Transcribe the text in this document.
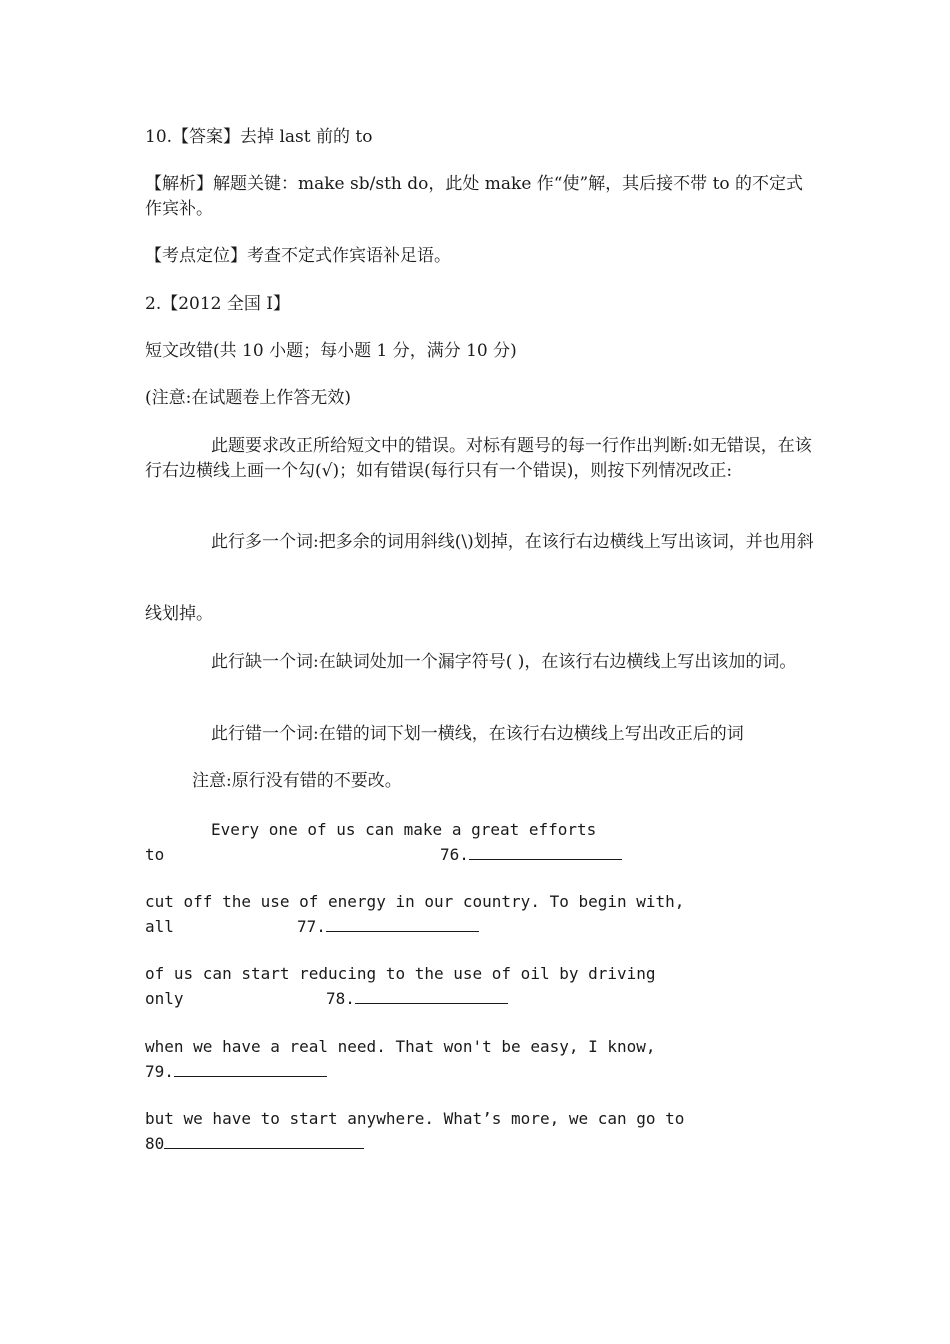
10.【答案】去掉 last 前的 to
【解析】解题关键：make sb/sth do，此处 make 作“使”解，其后接不带 to 的不定式作宾补。
【考点定位】考查不定式作宾语补足语。
2.【2012 全国 I】
短文改错(共 10 小题；每小题 1 分，满分 10 分)
(注意:在试题卷上作答无效)
此题要求改正所给短文中的错误。对标有题号的每一行作出判断:如无错误，在该行右边横线上画一个勾(√)；如有错误(每行只有一个错误)，则按下列情况改正:
此行多一个词:把多余的词用斜线(\)划掉，在该行右边横线上写出该词，并也用斜
线划掉。
此行缺一个词:在缺词处加一个漏字符号( )，在该行右边横线上写出该加的词。
此行错一个词:在错的词下划一横线，在该行右边横线上写出改正后的词
注意:原行没有错的不要改。
Every one of us can make a great efforts
to	76.
cut off the use of energy in our country. To begin with,
all	77.
of us can start reducing to the use of oil by driving
only	78.
when we have a real need. That won't be easy, I know,
79.
but we have to start anywhere. What’s more, we can go to
80
